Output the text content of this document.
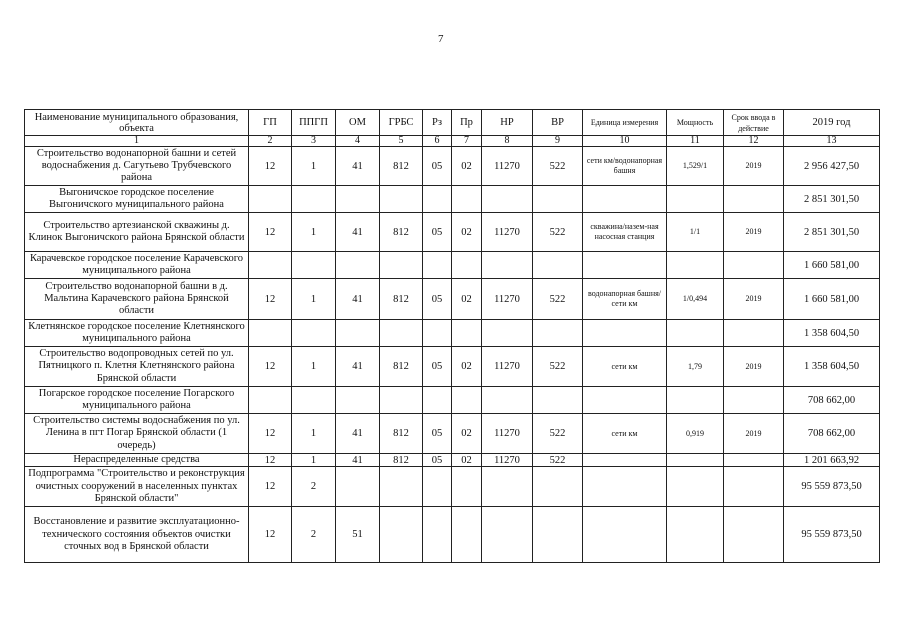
7
Наименование муниципального образования, объекта	ГП	ППГП	ОМ	ГРБС	Рз	Пр	НР	ВР	Единица измерения	Мощность	Срок ввода в действие	2019 год
1	2	3	4	5	6	7	8	9	10	11	12	13
Строительство водонапорной башни и сетей водоснабжения д. Сагутьево Трубчевского района	12	1	41	812	05	02	11270	522	сети км/водонапорная башня	1,529/1	2019	2 956 427,50
Выгоничское городское поселение Выгоничского муниципального района												2 851 301,50
Строительство артезианской скважины д. Клинок Выгоничского района Брянской области	12	1	41	812	05	02	11270	522	скважина/назем-ная насосная станция	1/1	2019	2 851 301,50
Карачевское городское поселение Карачевского муниципального района												1 660 581,00
Строительство водонапорной башни в д. Мальтина Карачевского района Брянской области	12	1	41	812	05	02	11270	522	водонапорная башня/сети км	1/0,494	2019	1 660 581,00
Клетнянское городское поселение Клетнянского муниципального района												1 358 604,50
Строительство водопроводных сетей по ул. Пятницкого п. Клетня Клетнянского района Брянской области	12	1	41	812	05	02	11270	522	сети км	1,79	2019	1 358 604,50
Погарское городское поселение Погарского муниципального района												708 662,00
Строительство системы водоснабжения по ул. Ленина в пгт Погар Брянской области (1 очередь)	12	1	41	812	05	02	11270	522	сети км	0,919	2019	708 662,00
Нераспределенные средства	12	1	41	812	05	02	11270	522				1 201 663,92
Подпрограмма "Строительство и реконструкция очистных сооружений в населенных пунктах Брянской области"	12	2										95 559 873,50
Восстановление и развитие эксплуатационно-технического состояния объектов очистки сточных вод в Брянской области	12	2	51									95 559 873,50
